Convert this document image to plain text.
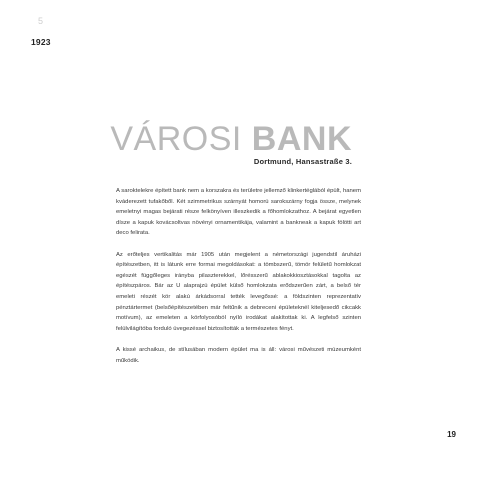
5
1923
VÁROSI BANK
Dortmund, Hansastraße 3.

A saroktelekre épített bank nem a korszakra és területre jellemző klinkertéglából épült, hanem kváderezett tufakőből. Két szimmetrikus szárnyát homorú sarokszárny fogja össze, melynek emeletnyi magas bejárati része felkönyíven illeszkedik a főhomlokzathoz. A bejárat egyetlen dísze a kapuk kovácsoltvas növényi ornamentikája, valamint a bankneak a kapuk fölötti art deco felirata.

Az erőteljes vertikalitás már 1905 után megjelent a németországi jugendstil áruházi építészetben, itt is látunk erre formai megoldásokat: a tömbszerű, tömör felületű homlokzat egészét függőleges irányba pilaszterekkel, lőrésszerű ablakokkiosztásokkal tagolta az építészpáros. Bár az U alaprajzú épület külső homlokzata erődszerűen zárt, a belső tér emeleti részét kör alakú árkádsorral tették levegőssé: a földszinten reprezentatív pénztártermet (belsőépítészetében már feltűnik a debreceni épületeknél kiteljesedő cikcakk motívum), az emeleten a körfolyosóból nyíló irodákat alakítottak ki. A legfelső szinten felülvilágítóba forduló üvegezéssel biztosították a természetes fényt.

A kissé archaikus, de stílusában modern épület ma is áll: városi művészeti múzeumként működik.

19
